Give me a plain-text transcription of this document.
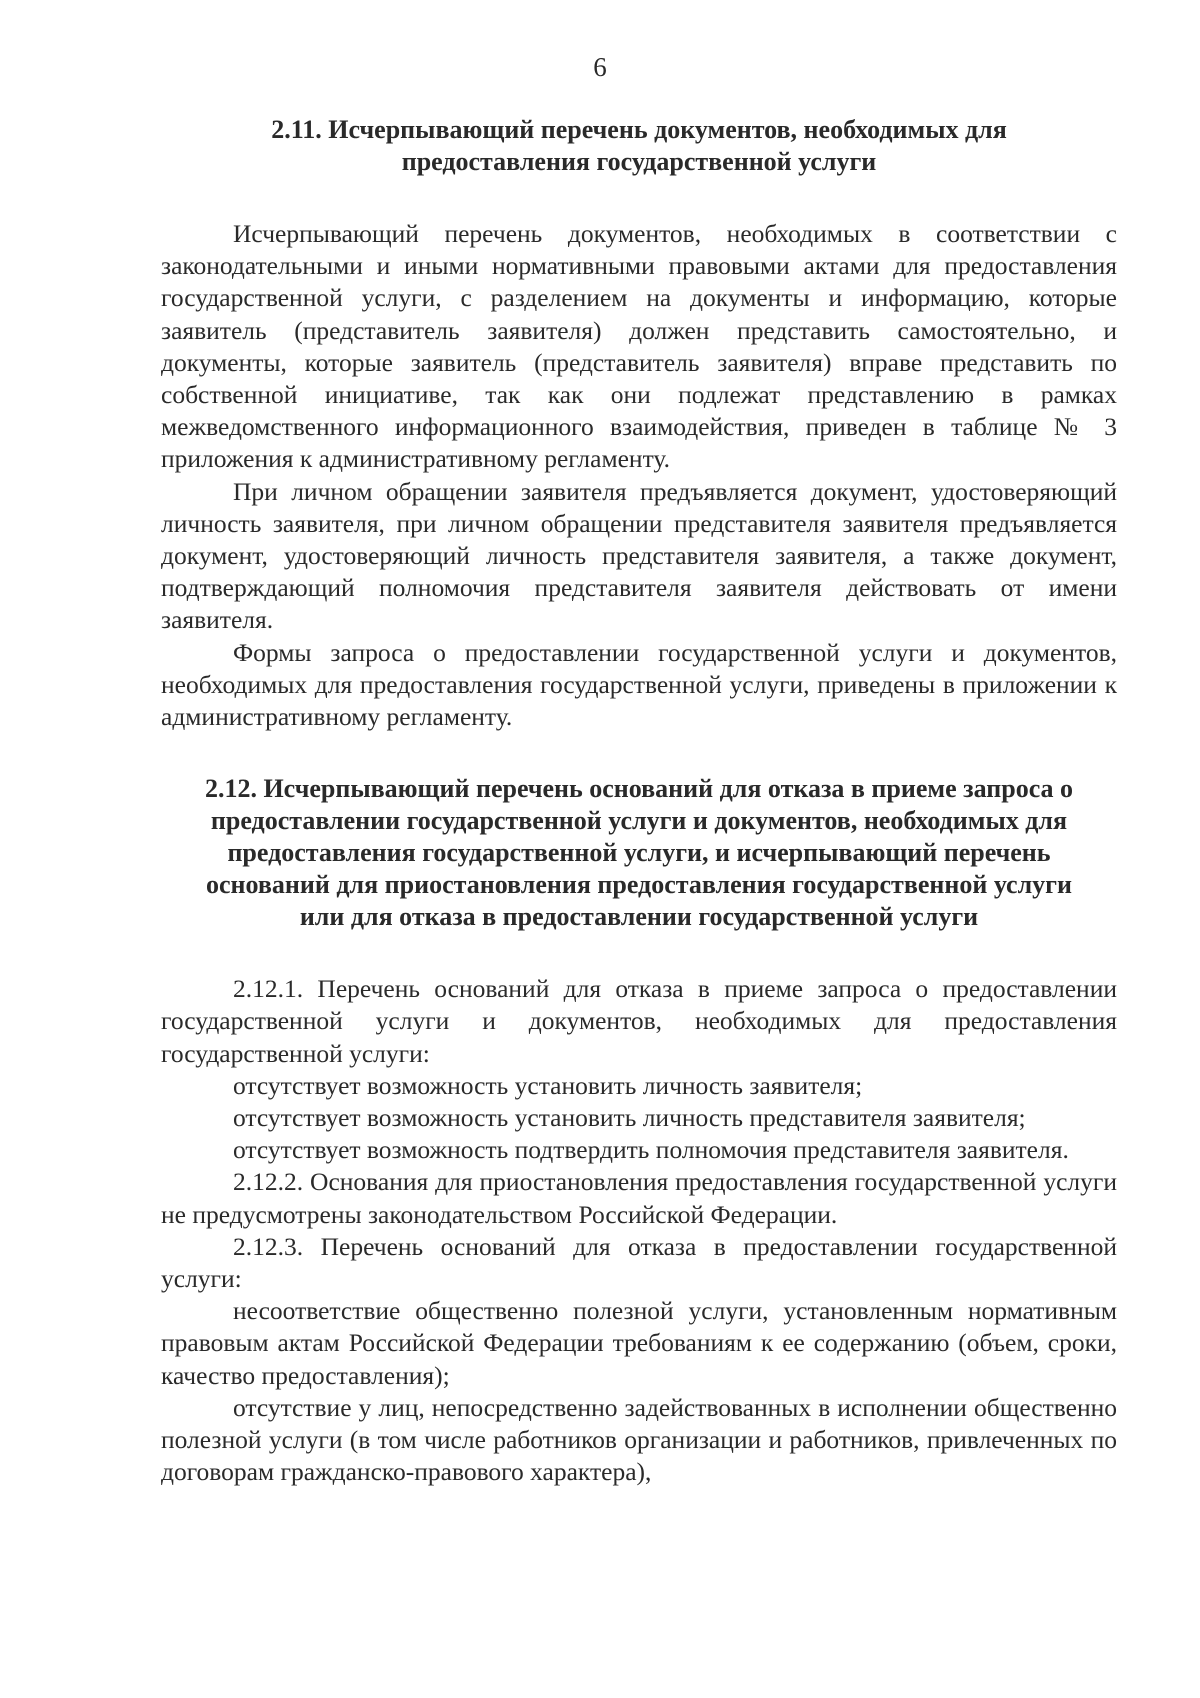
6
2.11. Исчерпывающий перечень документов, необходимых для
предоставления государственной услуги

Исчерпывающий перечень документов, необходимых в соответствии с законодательными и иными нормативными правовыми актами для предоставления государственной услуги, с разделением на документы и информацию, которые заявитель (представитель заявителя) должен представить самостоятельно, и документы, которые заявитель (представитель заявителя) вправе представить по собственной инициативе, так как они подлежат представлению в рамках межведомственного информационного взаимодействия, приведен в таблице № 3 приложения к административному регламенту.

При личном обращении заявителя предъявляется документ, удостоверяющий личность заявителя, при личном обращении представителя заявителя предъявляется документ, удостоверяющий личность представителя заявителя, а также документ, подтверждающий полномочия представителя заявителя действовать от имени заявителя.

Формы запроса о предоставлении государственной услуги и документов, необходимых для предоставления государственной услуги, приведены в приложении к административному регламенту.

2.12. Исчерпывающий перечень оснований для отказа в приеме запроса о
предоставлении государственной услуги и документов, необходимых для
предоставления государственной услуги, и исчерпывающий перечень
оснований для приостановления предоставления государственной услуги
или для отказа в предоставлении государственной услуги

2.12.1. Перечень оснований для отказа в приеме запроса о предоставлении государственной услуги и документов, необходимых для предоставления государственной услуги:

отсутствует возможность установить личность заявителя;

отсутствует возможность установить личность представителя заявителя;

отсутствует возможность подтвердить полномочия представителя заявителя.

2.12.2. Основания для приостановления предоставления государственной услуги не предусмотрены законодательством Российской Федерации.

2.12.3. Перечень оснований для отказа в предоставлении государственной услуги:

несоответствие общественно полезной услуги, установленным нормативным правовым актам Российской Федерации требованиям к ее содержанию (объем, сроки, качество предоставления);

отсутствие у лиц, непосредственно задействованных в исполнении общественно полезной услуги (в том числе работников организации и работников, привлеченных по договорам гражданско-правового характера),
